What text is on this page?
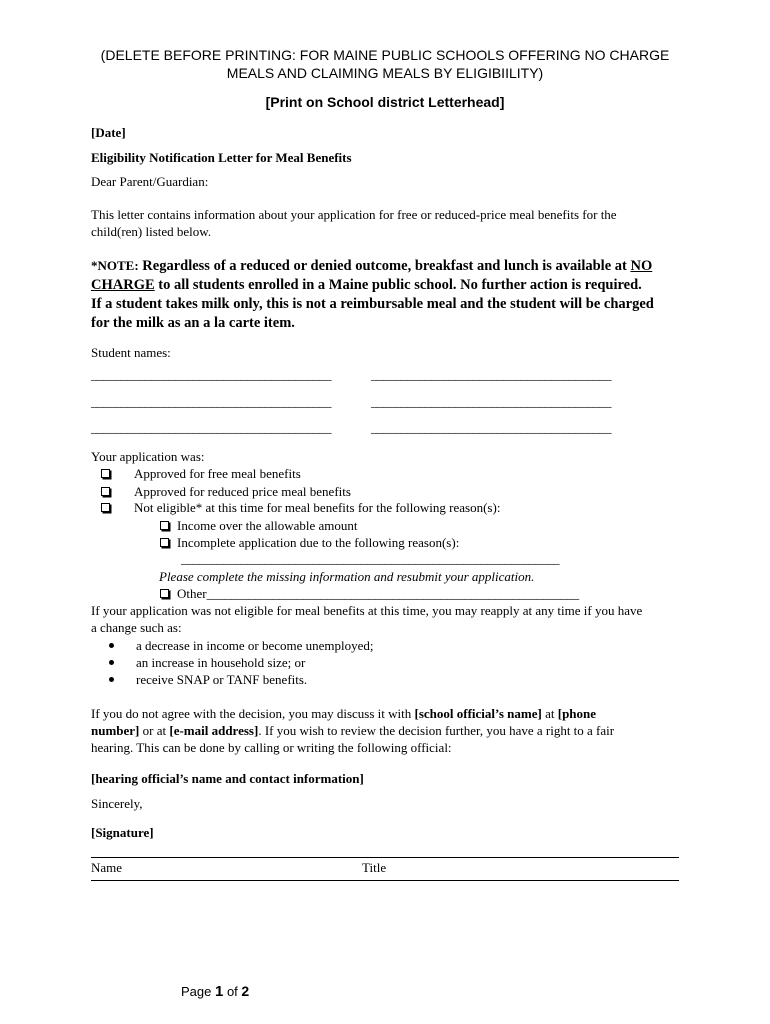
(DELETE BEFORE PRINTING: FOR MAINE PUBLIC SCHOOLS OFFERING NO CHARGE
MEALS AND CLAIMING MEALS BY ELIGIBIILITY)
[Print on School district Letterhead]
[Date]
Eligibility Notification Letter for Meal Benefits
Dear Parent/Guardian:
This letter contains information about your application for free or reduced-price meal benefits for the
child(ren) listed below.
*NOTE: Regardless of a reduced or denied outcome, breakfast and lunch is available at NO
CHARGE to all students enrolled in a Maine public school. No further action is required.
If a student takes milk only, this is not a reimbursable meal and the student will be charged
for the milk as an a la carte item.
Student names:
________________________________________	________________________________________
________________________________________	________________________________________
________________________________________	________________________________________
Your application was:
Approved for free meal benefits
Approved for reduced price meal benefits
Not eligible* at this time for meal benefits for the following reason(s):
Income over the allowable amount
Incomplete application due to the following reason(s):
_______________________________________________________________
Please complete the missing information and resubmit your application.
Other______________________________________________________________
If your application was not eligible for meal benefits at this time, you may reapply at any time if you have
a change such as:
a decrease in income or become unemployed;
an increase in household size; or
receive SNAP or TANF benefits.
If you do not agree with the decision, you may discuss it with [school official’s name] at [phone
number] or at [e-mail address]. If you wish to review the decision further, you have a right to a fair
hearing. This can be done by calling or writing the following official:
[hearing official’s name and contact information]
Sincerely,
[Signature]
Name	Title
Page 1 of 2
